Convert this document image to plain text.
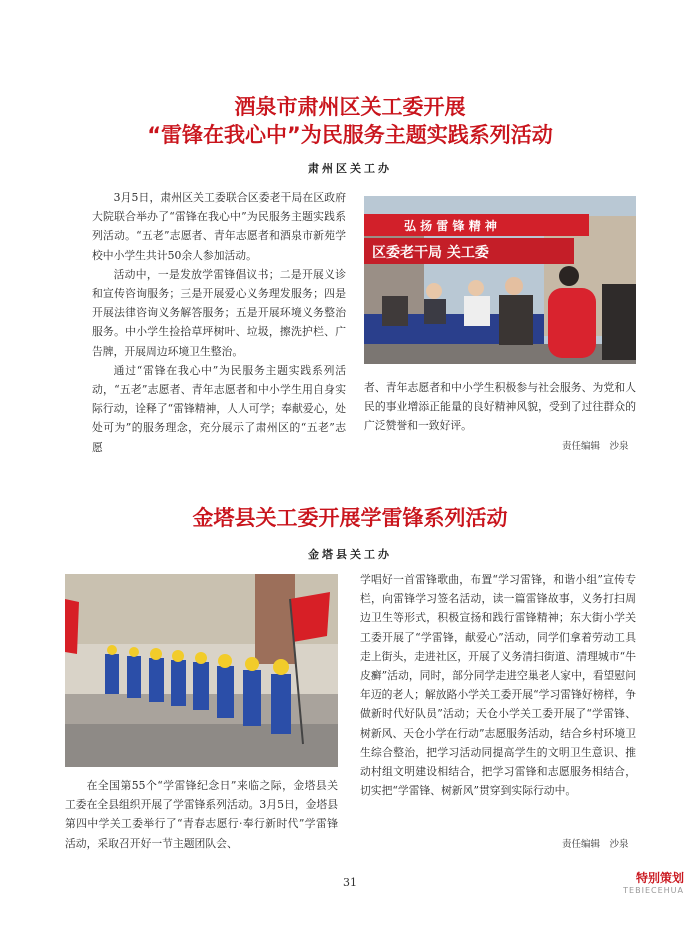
酒泉市肃州区关工委开展
“雷锋在我心中”为民服务主题实践系列活动

肃州区关工办

3月5日，肃州区关工委联合区委老干局在区政府大院联合举办了“雷锋在我心中”为民服务主题实践系列活动。“五老”志愿者、青年志愿者和酒泉市新苑学校中小学生共计50余人参加活动。

活动中，一是发放学雷锋倡议书；二是开展义诊和宣传咨询服务；三是开展爱心义务理发服务；四是开展法律咨询义务解答服务；五是开展环境义务整治服务。中小学生捡拾草坪树叶、垃圾，擦洗护栏、广告牌，开展周边环境卫生整治。

通过“雷锋在我心中”为民服务主题实践系列活动，“五老”志愿者、青年志愿者和中小学生用自身实际行动，诠释了“雷锋精神，人人可学；奉献爱心，处处可为”的服务理念，充分展示了肃州区的“五老”志愿

弘 扬 雷 锋 精 神
区委老干局 关工委

者、青年志愿者和中小学生积极参与社会服务、为党和人民的事业增添正能量的良好精神风貌，受到了过往群众的广泛赞誉和一致好评。

责任编辑　沙泉

金塔县关工委开展学雷锋系列活动

金塔县关工办

在全国第55个“学雷锋纪念日”来临之际，金塔县关工委在全县组织开展了学雷锋系列活动。3月5日，金塔县第四中学关工委举行了“青春志愿行·奉行新时代”学雷锋活动，采取召开好一节主题团队会、

学唱好一首雷锋歌曲，布置“学习雷锋，和谐小组”宣传专栏，向雷锋学习签名活动，读一篇雷锋故事，义务打扫周边卫生等形式，积极宣扬和践行雷锋精神；东大街小学关工委开展了“学雷锋，献爱心”活动，同学们拿着劳动工具走上街头，走进社区，开展了义务清扫街道、清理城市“牛皮癣”活动，同时，部分同学走进空巢老人家中，看望慰问年迈的老人；解放路小学关工委开展“学习雷锋好榜样，争做新时代好队员”活动；天仓小学关工委开展了“学雷锋、树新风、天仓小学在行动”志愿服务活动，结合乡村环境卫生综合整治，把学习活动同提高学生的文明卫生意识、推动村组文明建设相结合，把学习雷锋和志愿服务相结合，切实把“学雷锋、树新风”贯穿到实际行动中。

责任编辑　沙泉

31	特别策划
TEBIECEHUA
